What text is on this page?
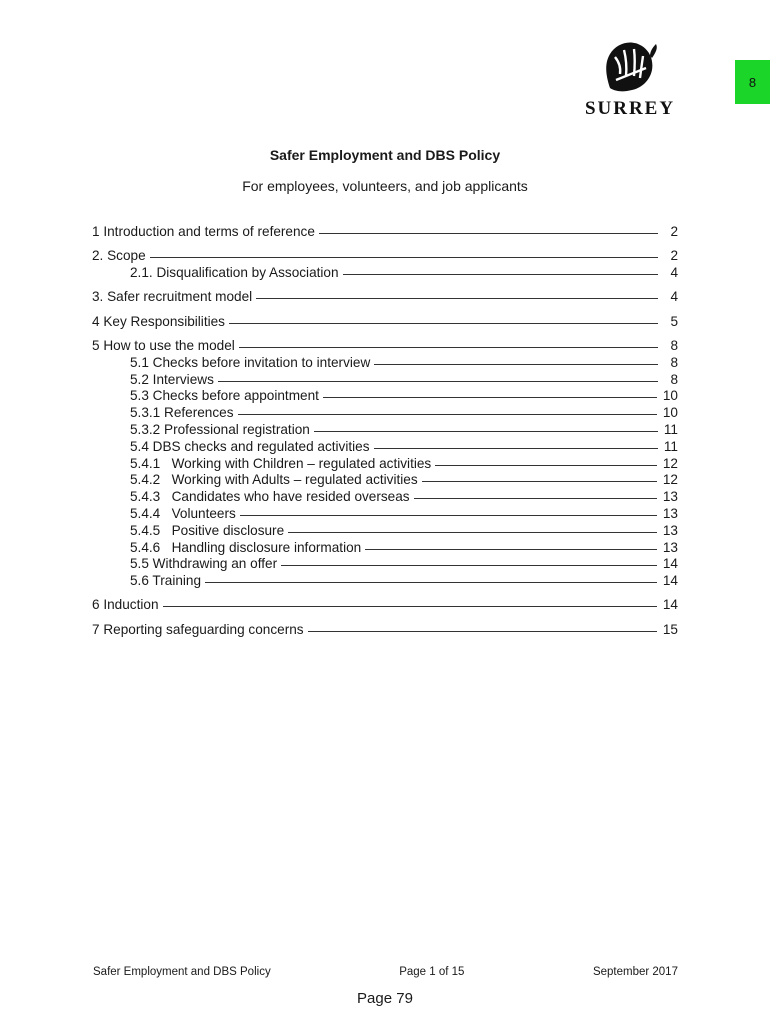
8
SURREY
Safer Employment and DBS Policy
For employees, volunteers, and job applicants
1 Introduction and terms of reference	2
2. Scope	2
2.1. Disqualification by Association	4
3. Safer recruitment model	4
4 Key Responsibilities	5
5 How to use the model	8
5.1 Checks before invitation to interview	8
5.2 Interviews	8
5.3 Checks before appointment	10
5.3.1 References	10
5.3.2 Professional registration	11
5.4 DBS checks and regulated activities	11
5.4.1   Working with Children – regulated activities	12
5.4.2   Working with Adults – regulated activities	12
5.4.3   Candidates who have resided overseas	13
5.4.4   Volunteers	13
5.4.5   Positive disclosure	13
5.4.6   Handling disclosure information	13
5.5 Withdrawing an offer	14
5.6 Training	14
6 Induction	14
7 Reporting safeguarding concerns	15
Safer Employment and DBS Policy	Page 1 of 15	September 2017
Page 79
